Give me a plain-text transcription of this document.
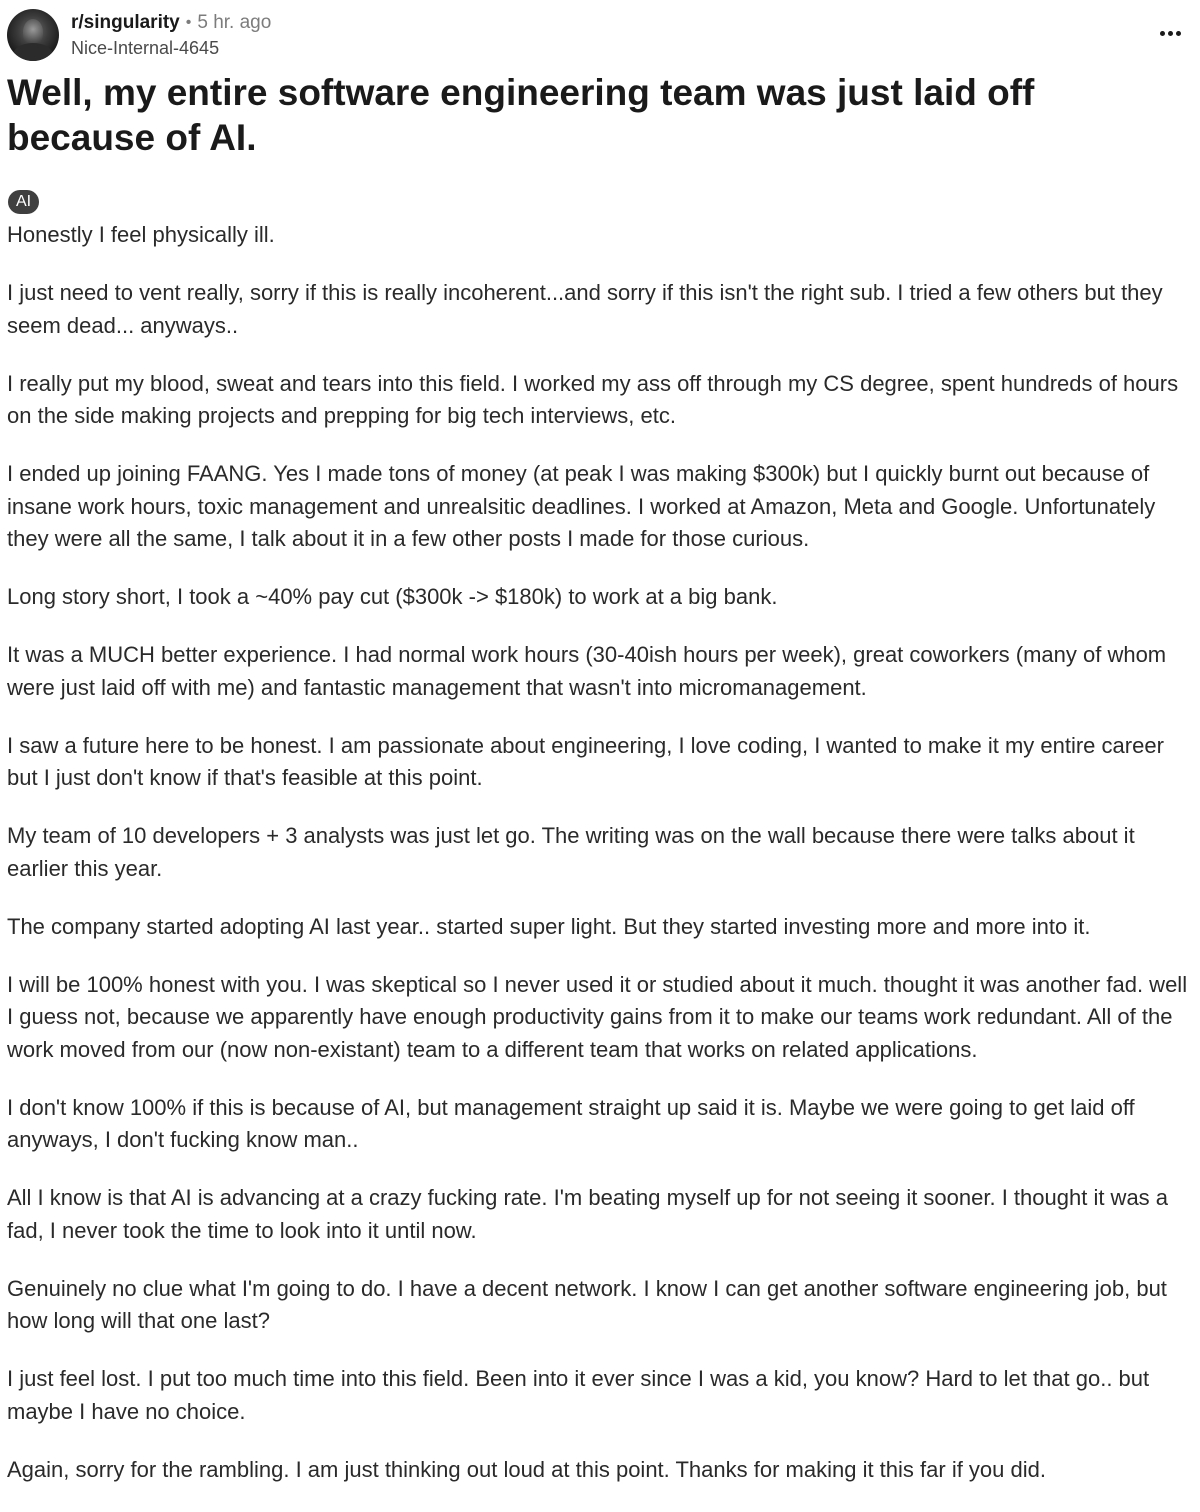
r/singularity • 5 hr. ago
Nice-Internal-4645
Well, my entire software engineering team was just laid off because of AI.
AI

Honestly I feel physically ill.

I just need to vent really, sorry if this is really incoherent...and sorry if this isn't the right sub. I tried a few others but they seem dead... anyways..

I really put my blood, sweat and tears into this field. I worked my ass off through my CS degree, spent hundreds of hours on the side making projects and prepping for big tech interviews, etc.

I ended up joining FAANG. Yes I made tons of money (at peak I was making $300k) but I quickly burnt out because of insane work hours, toxic management and unrealsitic deadlines. I worked at Amazon, Meta and Google. Unfortunately they were all the same, I talk about it in a few other posts I made for those curious.

Long story short, I took a ~40% pay cut ($300k -> $180k) to work at a big bank.

It was a MUCH better experience. I had normal work hours (30-40ish hours per week), great coworkers (many of whom were just laid off with me) and fantastic management that wasn't into micromanagement.

I saw a future here to be honest. I am passionate about engineering, I love coding, I wanted to make it my entire career but I just don't know if that's feasible at this point.

My team of 10 developers + 3 analysts was just let go. The writing was on the wall because there were talks about it earlier this year.

The company started adopting AI last year.. started super light. But they started investing more and more into it.

I will be 100% honest with you. I was skeptical so I never used it or studied about it much. thought it was another fad. well I guess not, because we apparently have enough productivity gains from it to make our teams work redundant. All of the work moved from our (now non-existant) team to a different team that works on related applications.

I don't know 100% if this is because of AI, but management straight up said it is. Maybe we were going to get laid off anyways, I don't fucking know man..

All I know is that AI is advancing at a crazy fucking rate. I'm beating myself up for not seeing it sooner. I thought it was a fad, I never took the time to look into it until now.

Genuinely no clue what I'm going to do. I have a decent network. I know I can get another software engineering job, but how long will that one last?

I just feel lost. I put too much time into this field. Been into it ever since I was a kid, you know? Hard to let that go.. but maybe I have no choice.

Again, sorry for the rambling. I am just thinking out loud at this point. Thanks for making it this far if you did.
